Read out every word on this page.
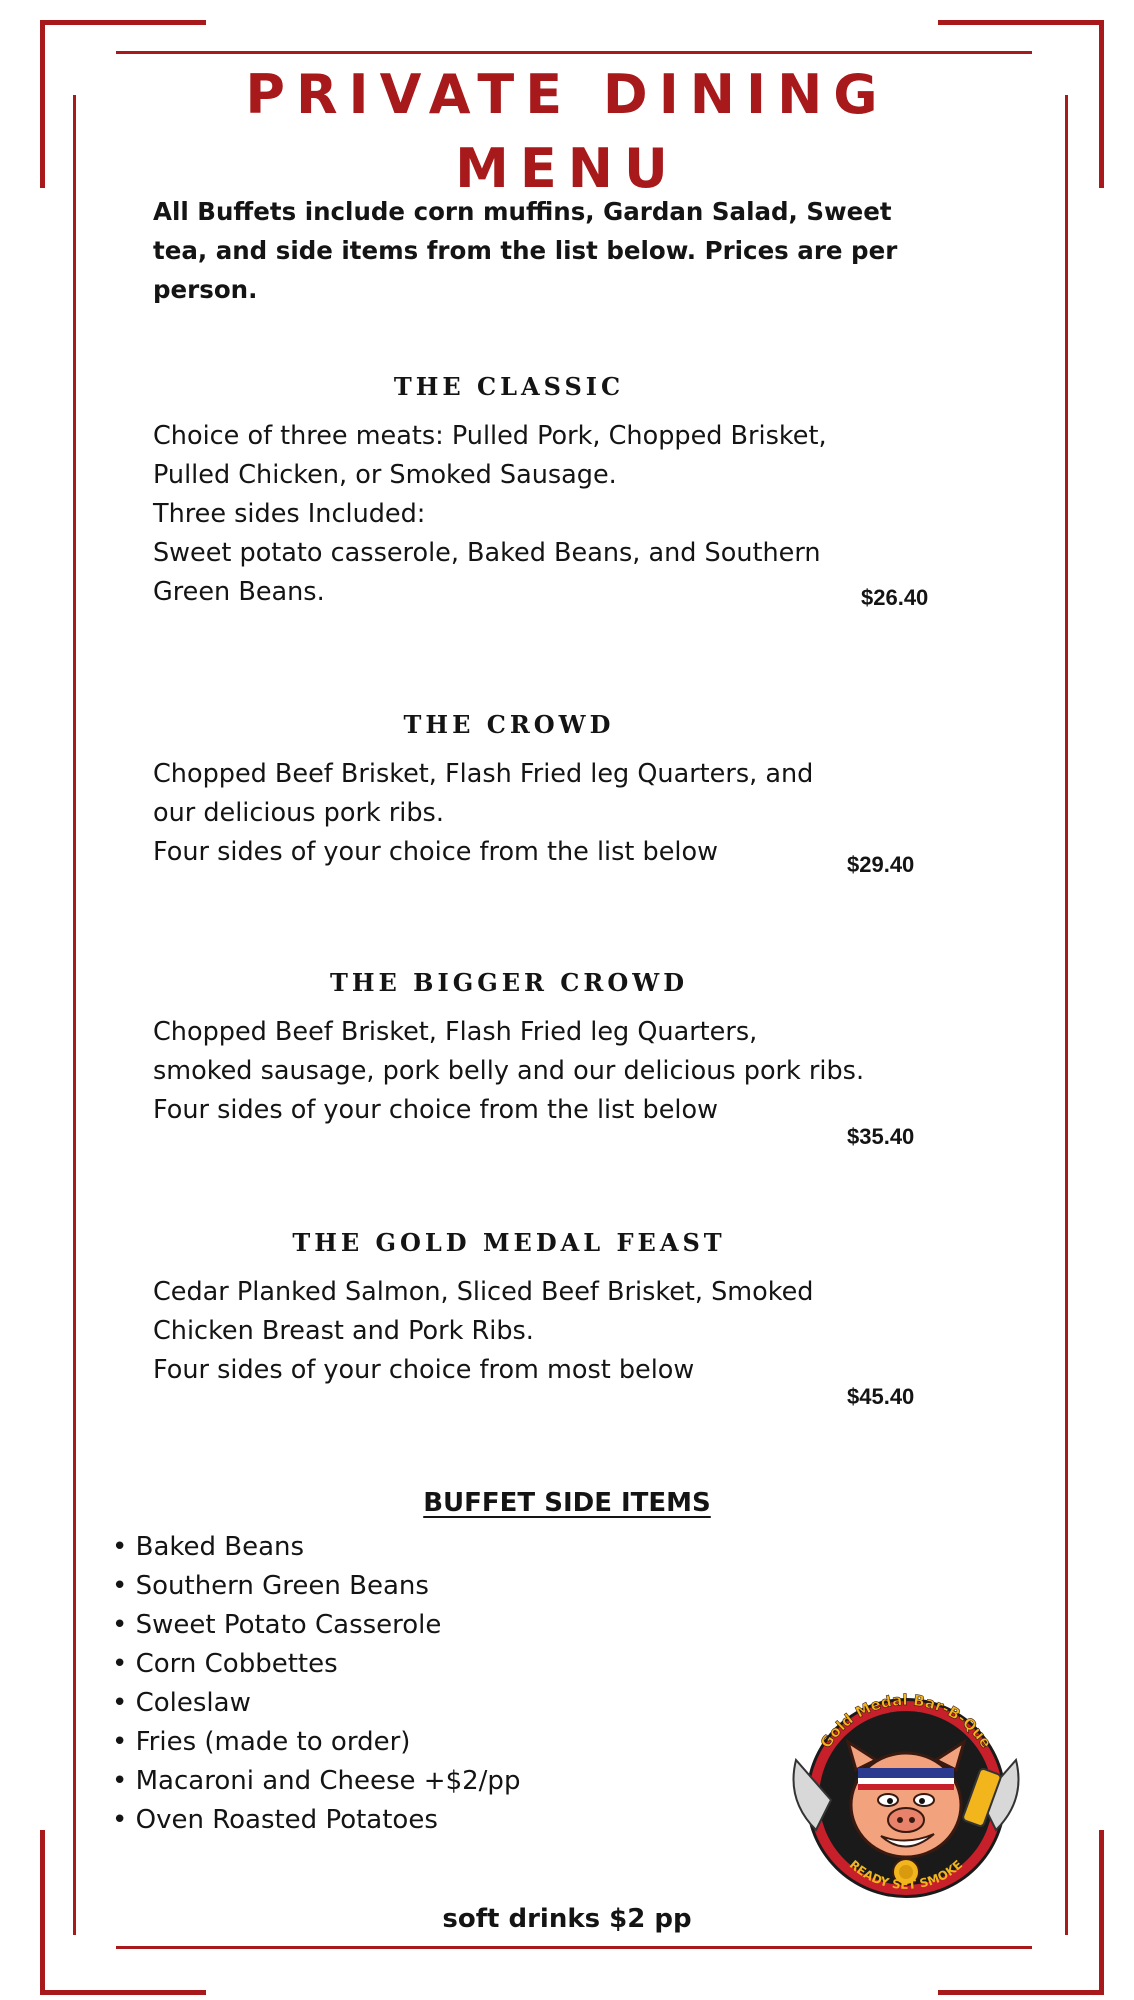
PRIVATE DINING
MENU
All Buffets include corn muffins, Gardan Salad, Sweet
tea, and side items from the list below. Prices are per
person.
THE CLASSIC
Choice of three meats: Pulled Pork, Chopped Brisket,
Pulled Chicken, or Smoked Sausage.
Three sides Included:
Sweet potato casserole, Baked Beans, and Southern
Green Beans.	$26.40
THE CROWD
Chopped Beef Brisket, Flash Fried leg Quarters, and
our delicious pork ribs.
Four sides of your choice from the list below	$29.40
THE BIGGER CROWD
Chopped Beef Brisket, Flash Fried leg Quarters,
smoked sausage, pork belly and our delicious pork ribs.
Four sides of your choice from the list below
$35.40
THE GOLD MEDAL FEAST
Cedar Planked Salmon, Sliced Beef Brisket, Smoked
Chicken Breast and Pork Ribs.
Four sides of your choice from most below
$45.40
BUFFET SIDE ITEMS
• Baked Beans
• Southern Green Beans
• Sweet Potato Casserole
• Corn Cobbettes
• Coleslaw
• Fries (made to order)
• Macaroni and Cheese +$2/pp
• Oven Roasted Potatoes
Gold Medal Bar-B-Que
READY SET SMOKE
soft drinks $2 pp
